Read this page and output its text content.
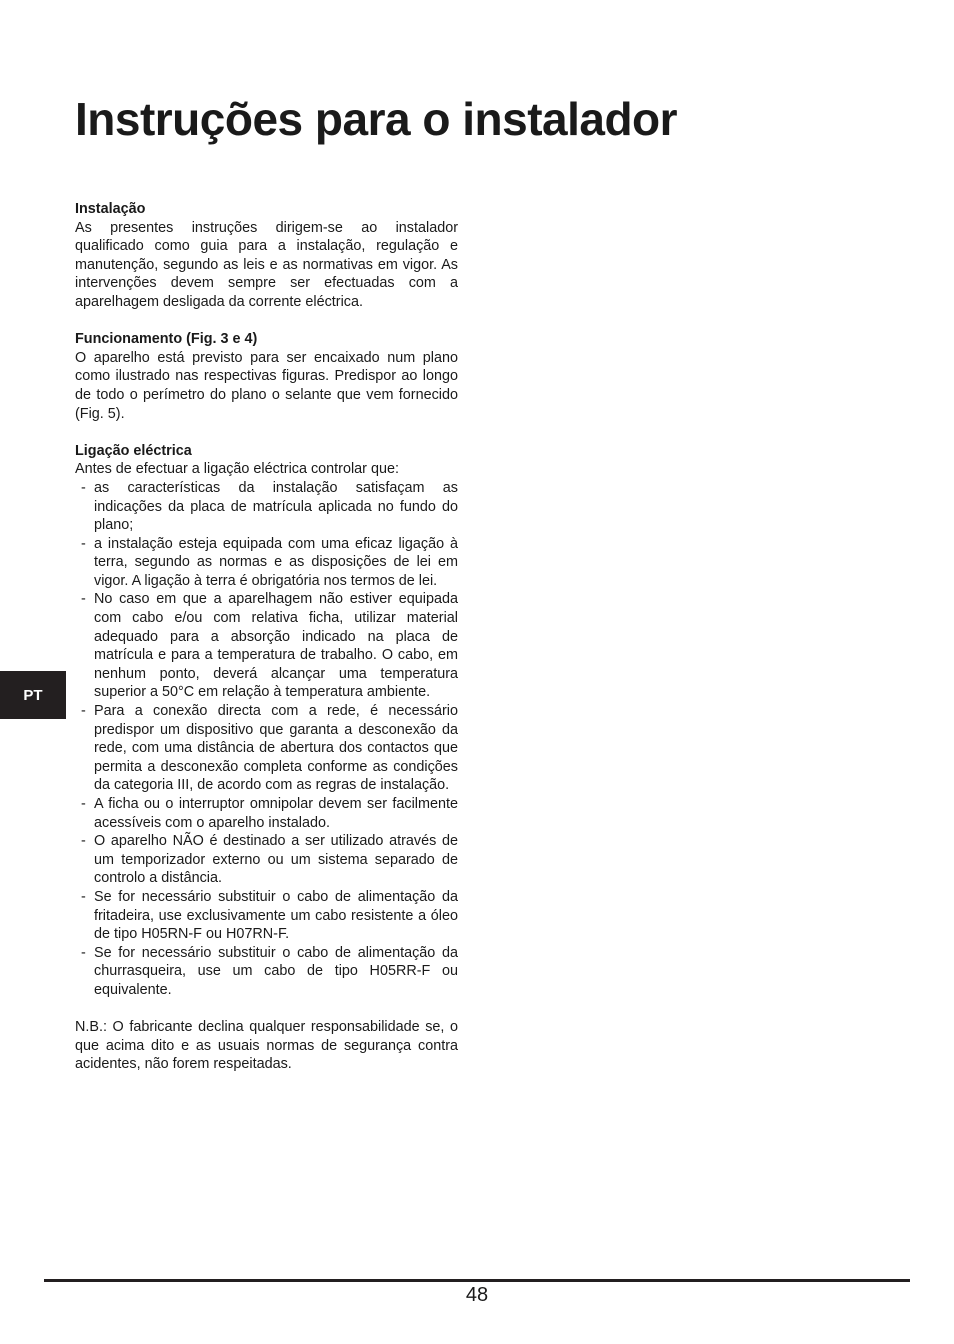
Instruções para o instalador

Instalação

As presentes instruções dirigem-se ao instalador qualificado como guia para a instalação, regulação e manutenção, segundo as leis e as normativas em vigor. As intervenções devem sempre ser efectuadas com a aparelhagem desligada da corrente eléctrica.

Funcionamento (Fig. 3 e 4)

O aparelho está previsto para ser encaixado num plano como ilustrado nas respectivas figuras. Predispor ao longo de todo o perímetro do plano o selante que vem fornecido (Fig. 5).

Ligação eléctrica

Antes de efectuar a ligação eléctrica controlar que:

- as características da instalação satisfaçam as indicações da placa de matrícula aplicada no fundo do plano;
- a instalação esteja equipada com uma eficaz ligação à terra, segundo as normas e as disposições de lei em vigor. A ligação à terra é obrigatória nos termos de lei.
- No caso em que a aparelhagem não estiver equipada com cabo e/ou com relativa ficha, utilizar material adequado para a absorção indicado na placa de matrícula e para a temperatura de trabalho. O cabo, em nenhum ponto, deverá alcançar uma temperatura superior a 50°C em relação à temperatura ambiente.
- Para a conexão directa com a rede, é necessário predispor um dispositivo que garanta a desconexão da rede, com uma distância de abertura dos contactos que permita a desconexão completa conforme as condições da categoria III, de acordo com as regras de instalação.
- A ficha ou o interruptor omnipolar devem ser facilmente acessíveis com o aparelho instalado.
- O aparelho NÃO é destinado a ser utilizado através de um temporizador externo ou um sistema separado de controlo a distância.
- Se for necessário substituir o cabo de alimentação da fritadeira, use exclusivamente um cabo resistente a óleo de tipo H05RN-F ou H07RN-F.
- Se for necessário substituir o cabo de alimentação da churrasqueira, use um cabo de tipo H05RR-F ou equivalente.

N.B.: O fabricante declina qualquer responsabilidade se, o que acima dito e as usuais normas de segurança contra acidentes, não forem respeitadas.

PT
48
